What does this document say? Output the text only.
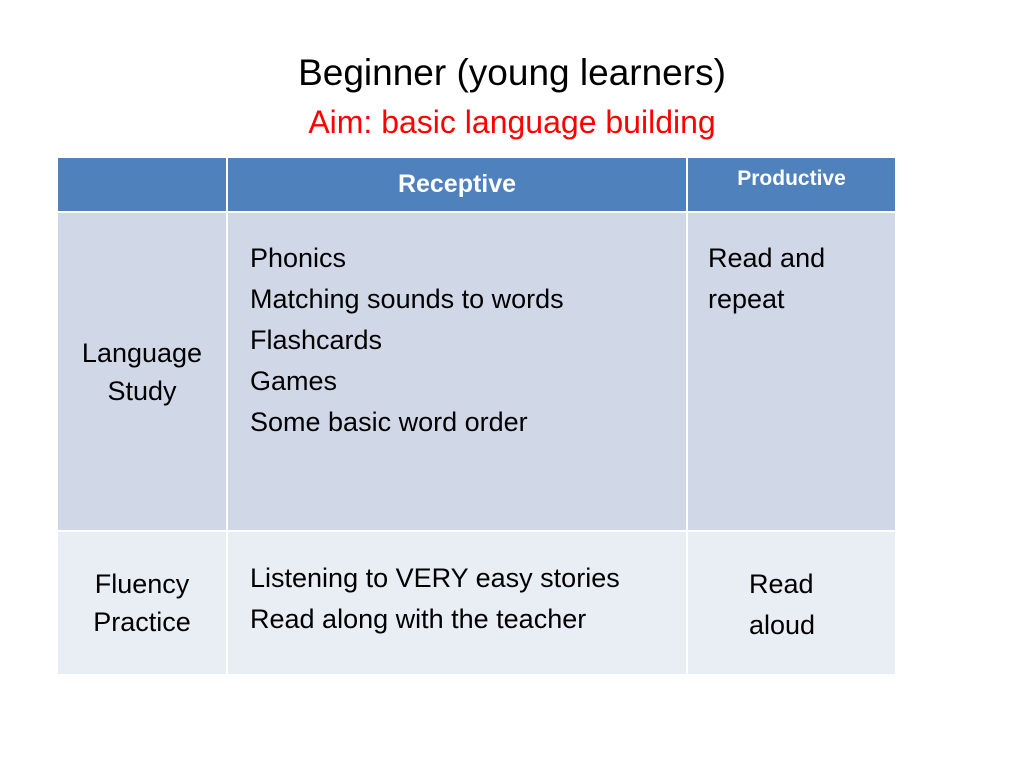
Beginner (young learners)
Aim: basic language building
Receptive	Productive
Language
Study
Phonics
Matching sounds to words
Flashcards
Games
Some basic word order
Read and
repeat
Fluency
Practice
Listening to VERY easy stories
Read along with the teacher
Read
aloud
